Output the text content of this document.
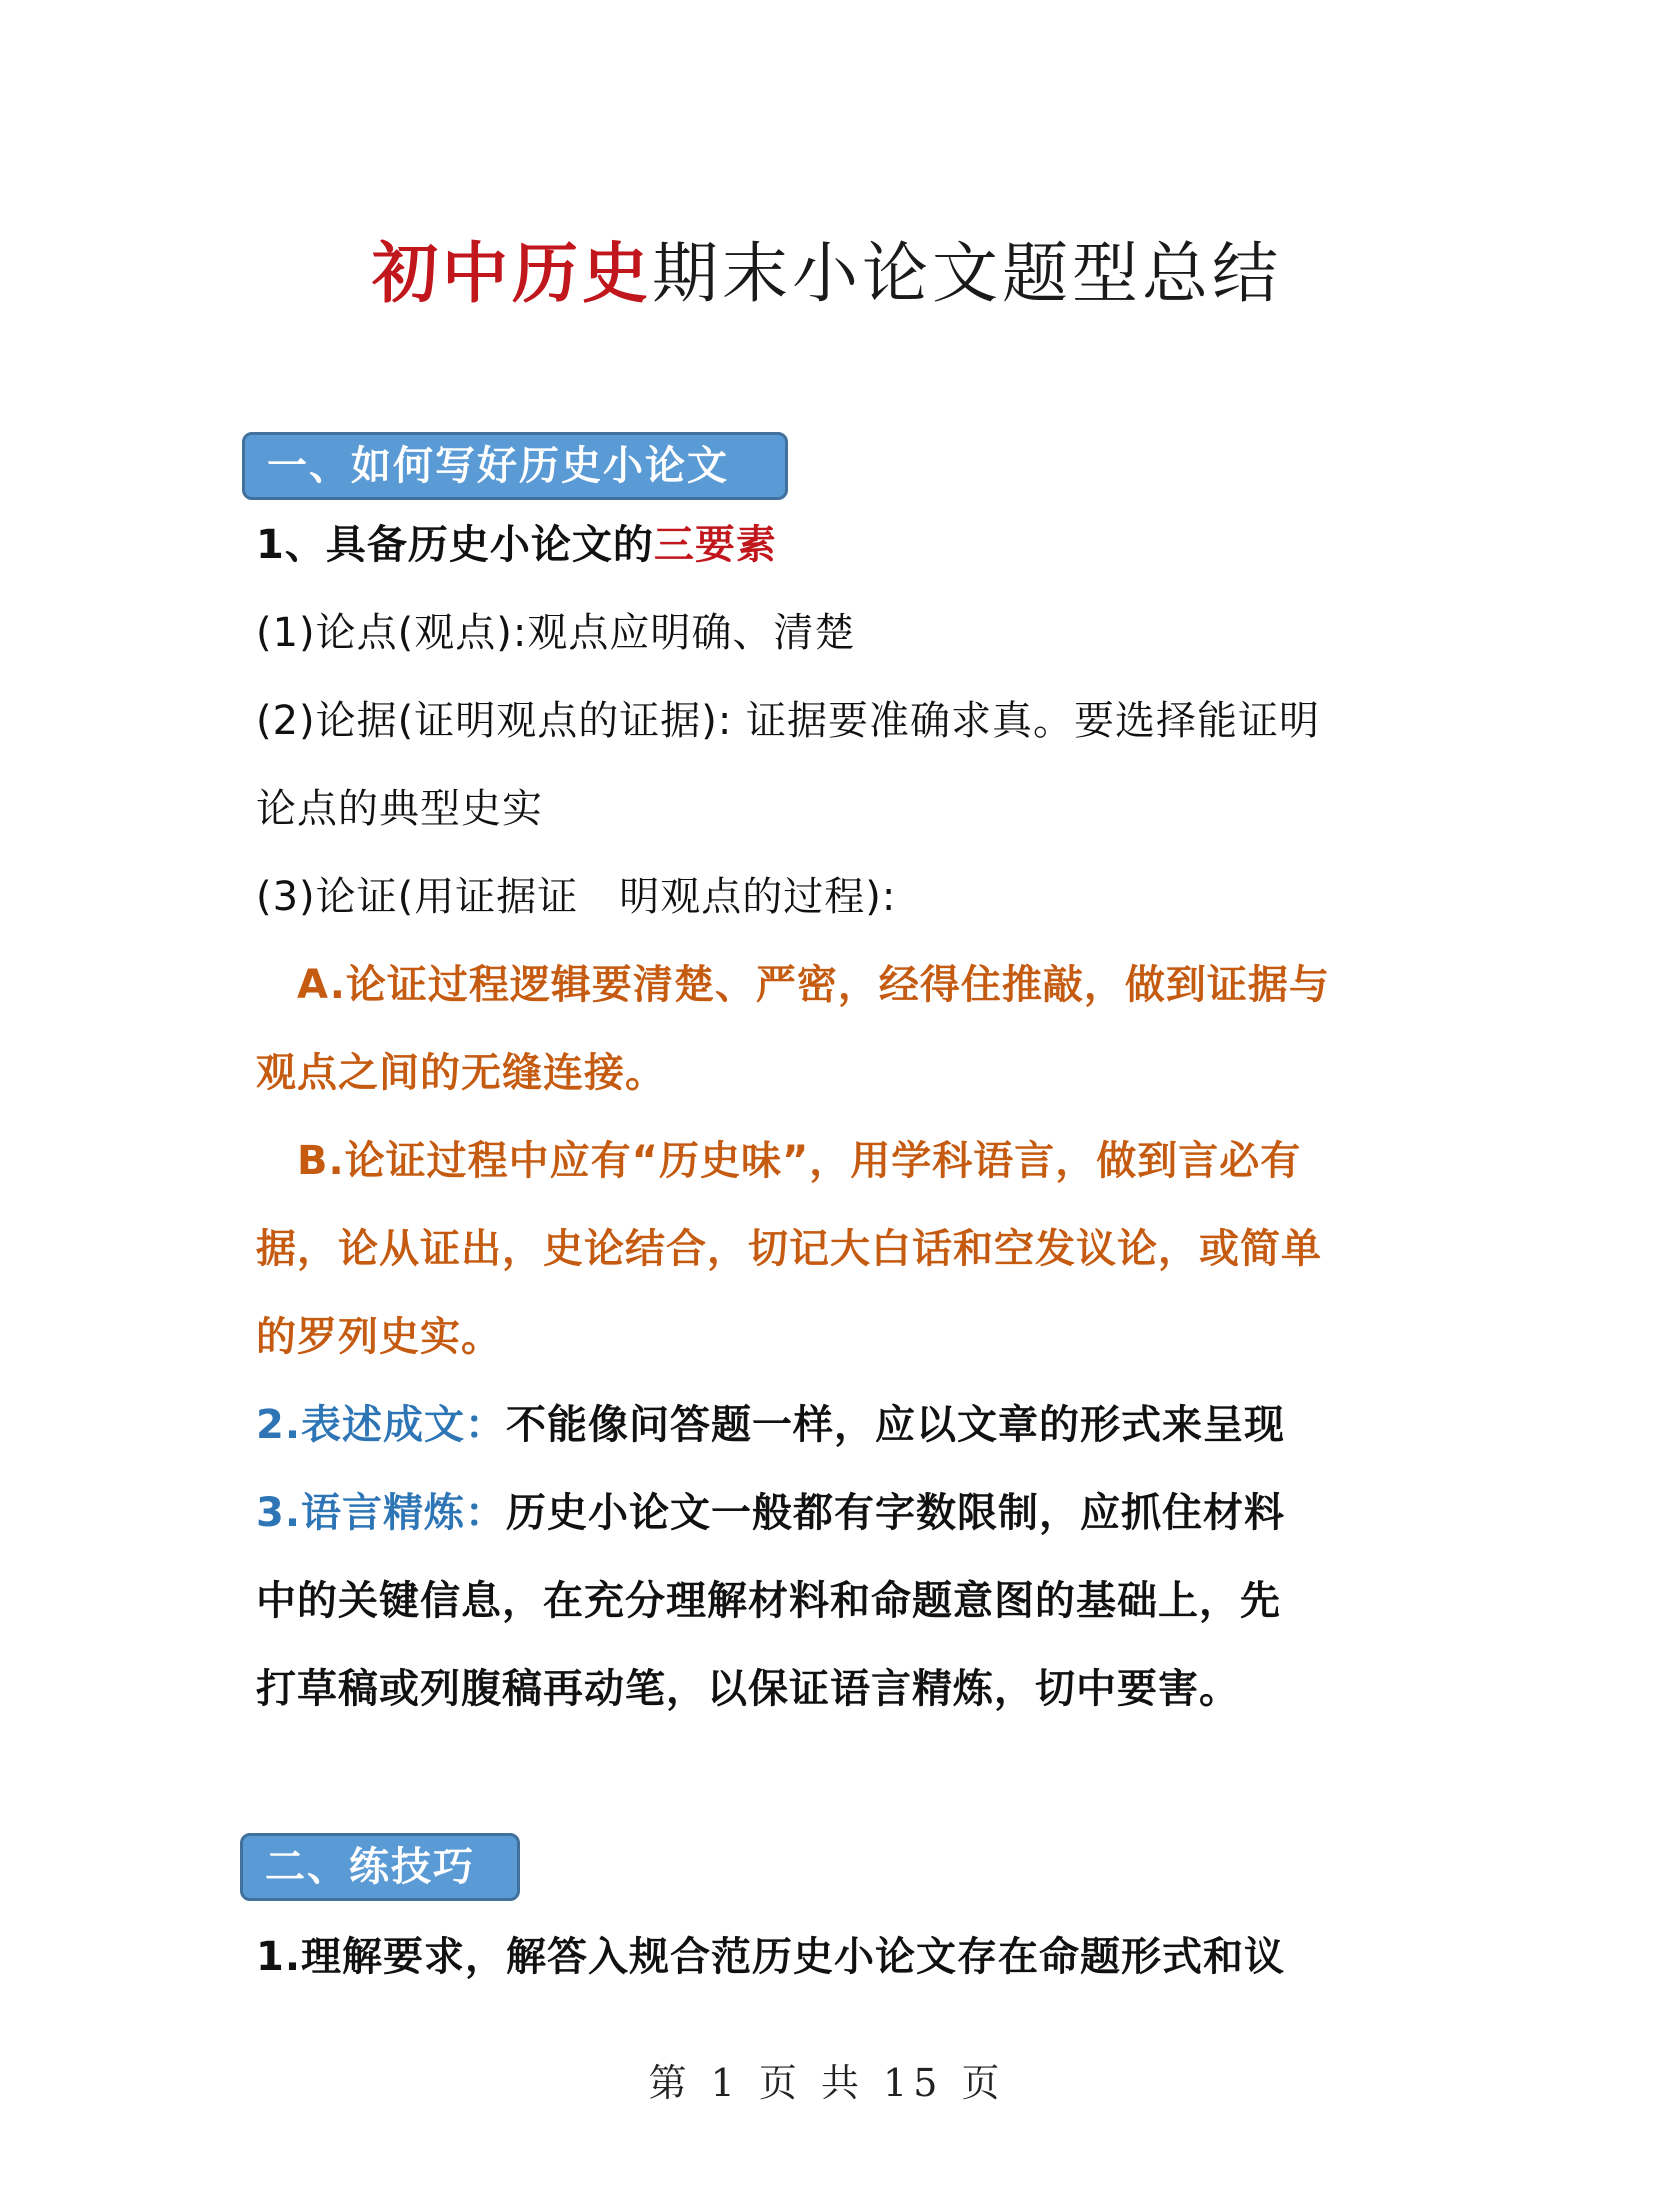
初中历史期末小论文题型总结
一、如何写好历史小论文
1、具备历史小论文的三要素
(1)论点(观点):观点应明确、清楚
(2)论据(证明观点的证据): 证据要准确求真。要选择能证明
论点的典型史实
(3)论证(用证据证　明观点的过程):
　A.论证过程逻辑要清楚、严密，经得住推敲，做到证据与
观点之间的无缝连接。
　B.论证过程中应有“历史味”，用学科语言，做到言必有
据，论从证出，史论结合，切记大白话和空发议论，或简单
的罗列史实。
2.表述成文：不能像问答题一样，应以文章的形式来呈现
3.语言精炼：历史小论文一般都有字数限制，应抓住材料
中的关键信息，在充分理解材料和命题意图的基础上，先
打草稿或列腹稿再动笔，以保证语言精炼，切中要害。
二、练技巧
1.理解要求，解答入规合范历史小论文存在命题形式和议
第 1 页 共 15 页
